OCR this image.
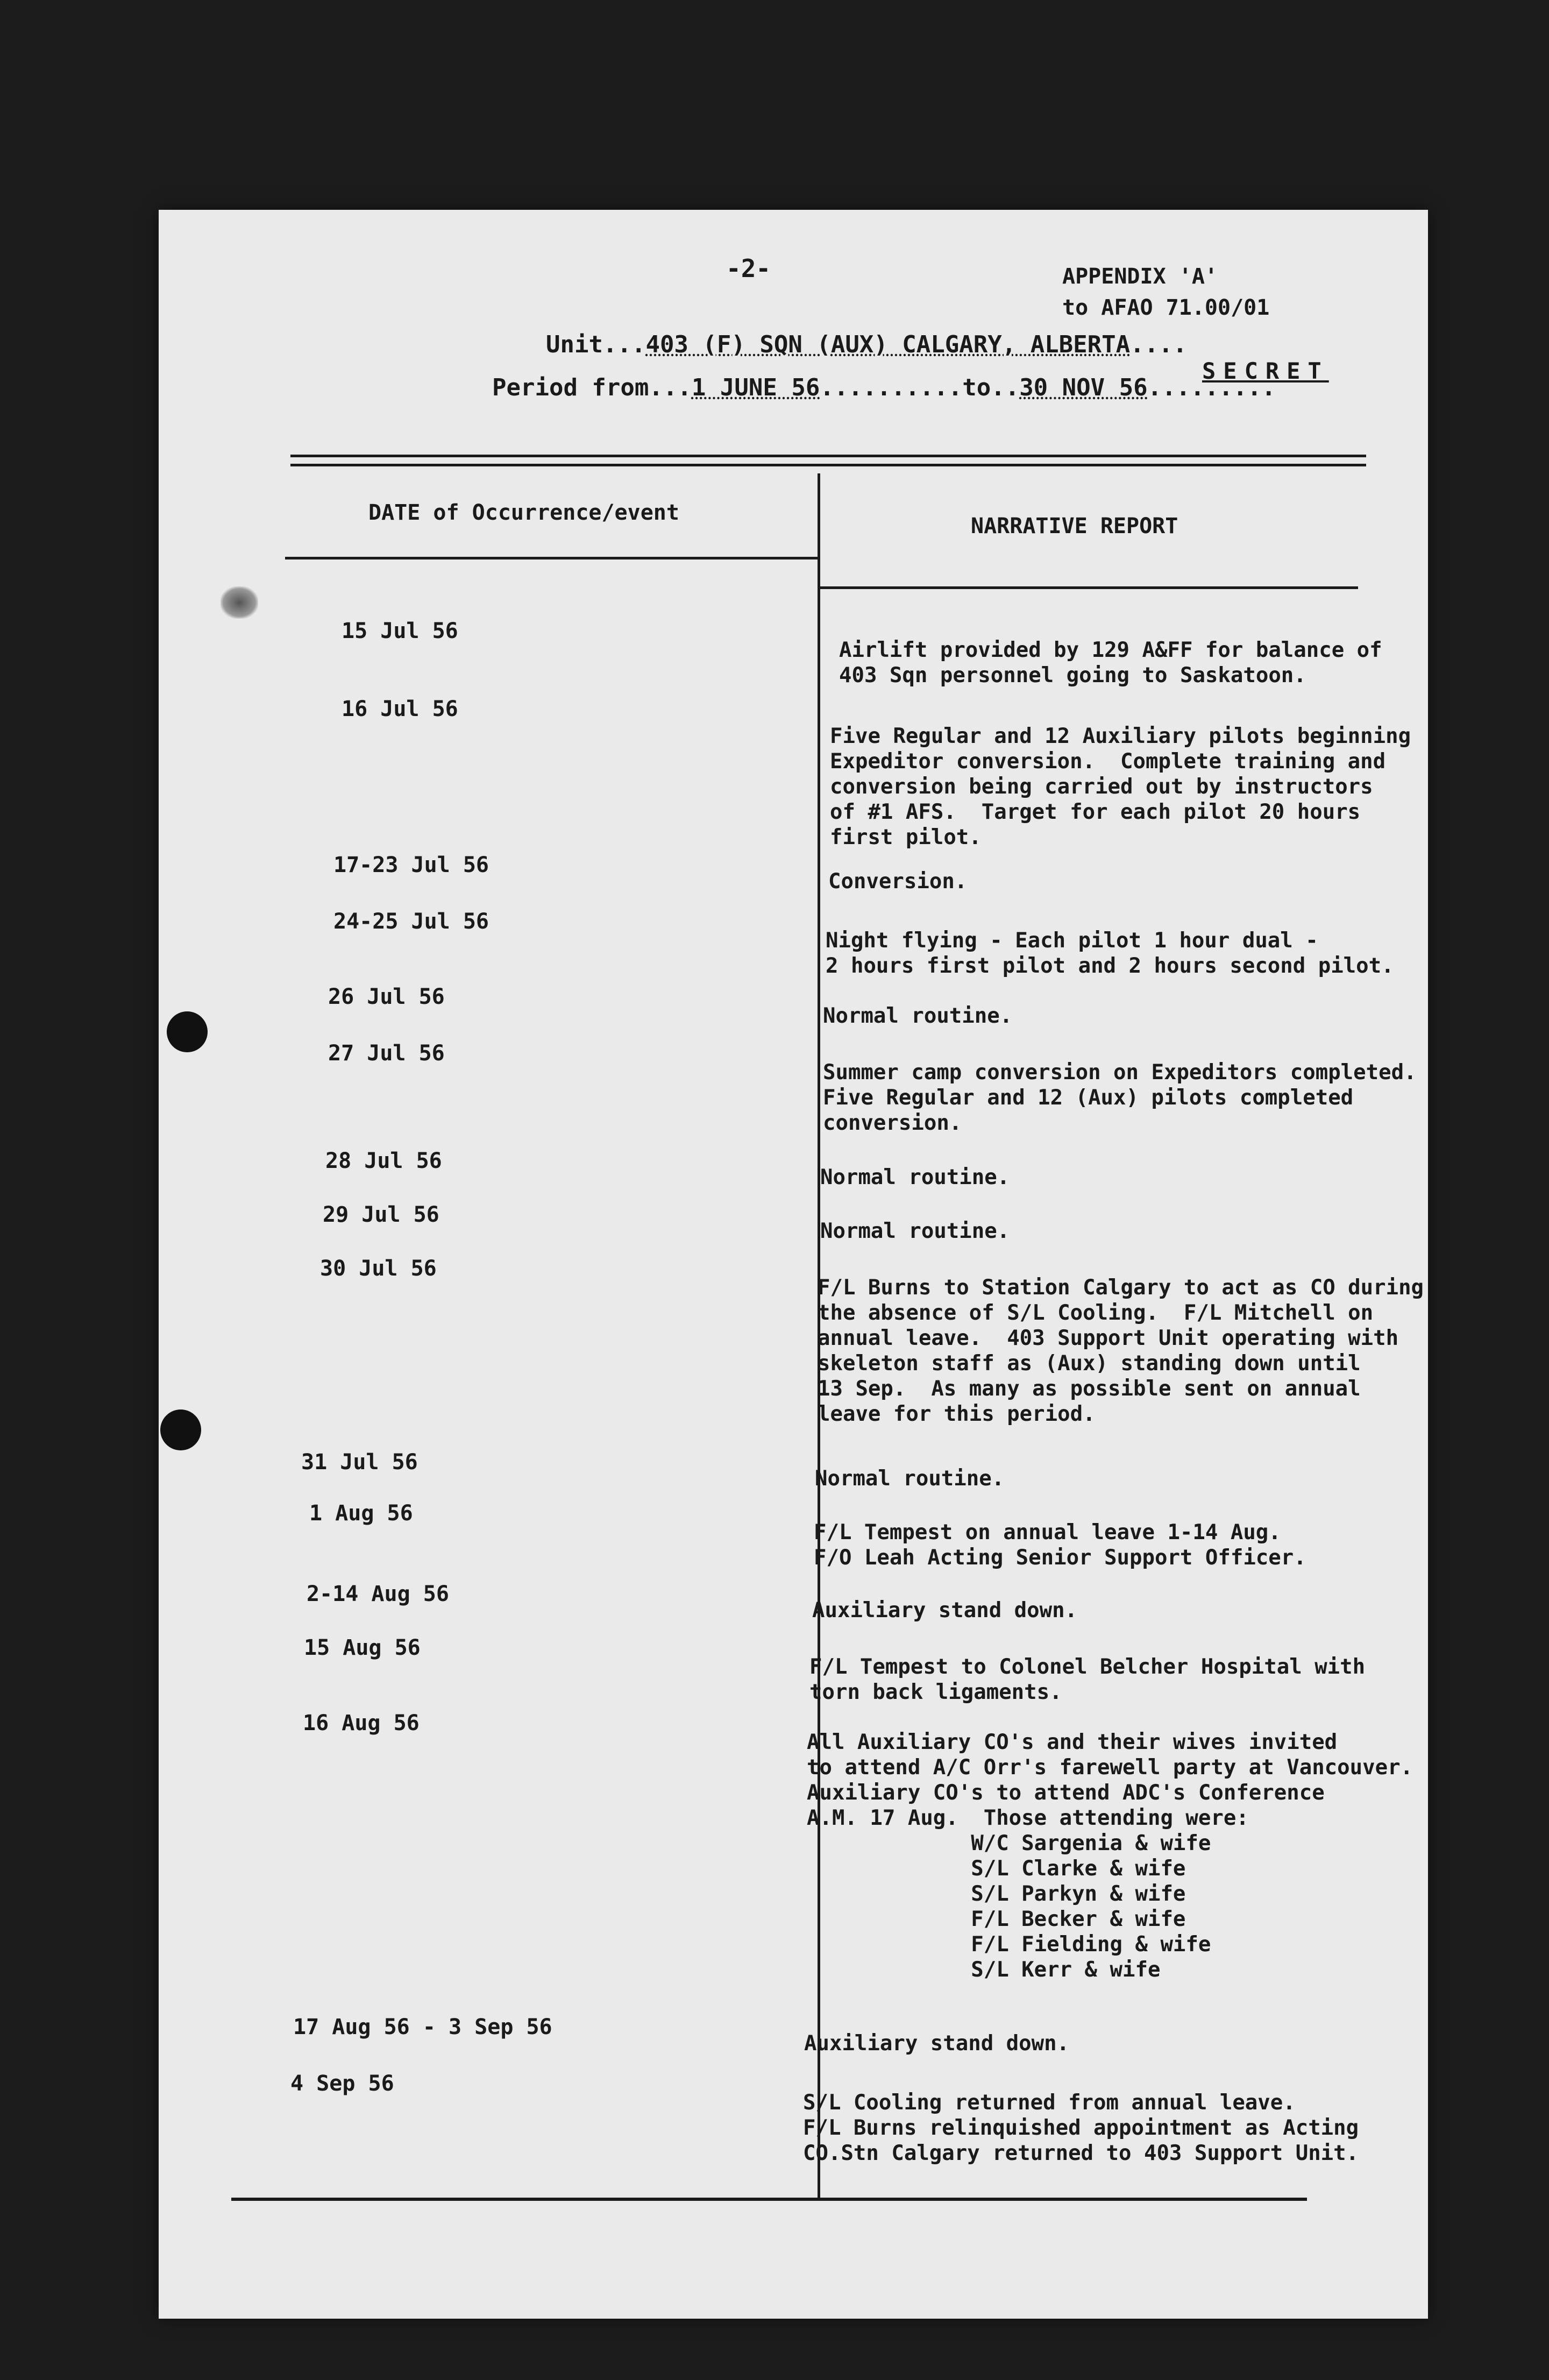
-2-	APPENDIX 'A'
to AFAO 71.00/01
Unit...403 (F) SQN (AUX) CALGARY, ALBERTA....
SECRET
Period from...1 JUNE 56..........to..30 NOV 56.........
DATE of Occurrence/event
NARRATIVE REPORT
15 Jul 56
Airlift provided by 129 A&FF for balance of
403 Sqn personnel going to Saskatoon.
16 Jul 56
Five Regular and 12 Auxiliary pilots beginning
Expeditor conversion.  Complete training and
conversion being carried out by instructors
of #1 AFS.  Target for each pilot 20 hours
first pilot.
17-23 Jul 56
Conversion.
24-25 Jul 56
Night flying - Each pilot 1 hour dual -
2 hours first pilot and 2 hours second pilot.
26 Jul 56
Normal routine.
27 Jul 56
Summer camp conversion on Expeditors completed.
Five Regular and 12 (Aux) pilots completed
conversion.
28 Jul 56
Normal routine.
29 Jul 56
Normal routine.
30 Jul 56
F/L Burns to Station Calgary to act as CO during
the absence of S/L Cooling.  F/L Mitchell on
annual leave.  403 Support Unit operating with
skeleton staff as (Aux) standing down until
13 Sep.  As many as possible sent on annual
leave for this period.
31 Jul 56
Normal routine.
1 Aug 56
F/L Tempest on annual leave 1-14 Aug.
F/O Leah Acting Senior Support Officer.
2-14 Aug 56
Auxiliary stand down.
15 Aug 56
F/L Tempest to Colonel Belcher Hospital with
torn back ligaments.
16 Aug 56
All Auxiliary CO's and their wives invited
to attend A/C Orr's farewell party at Vancouver.
Auxiliary CO's to attend ADC's Conference
A.M. 17 Aug.  Those attending were:
W/C Sargenia & wife
S/L Clarke & wife
S/L Parkyn & wife
F/L Becker & wife
F/L Fielding & wife
S/L Kerr & wife
17 Aug 56 - 3 Sep 56
Auxiliary stand down.
4 Sep 56
S/L Cooling returned from annual leave.
F/L Burns relinquished appointment as Acting
CO.Stn Calgary returned to 403 Support Unit.
